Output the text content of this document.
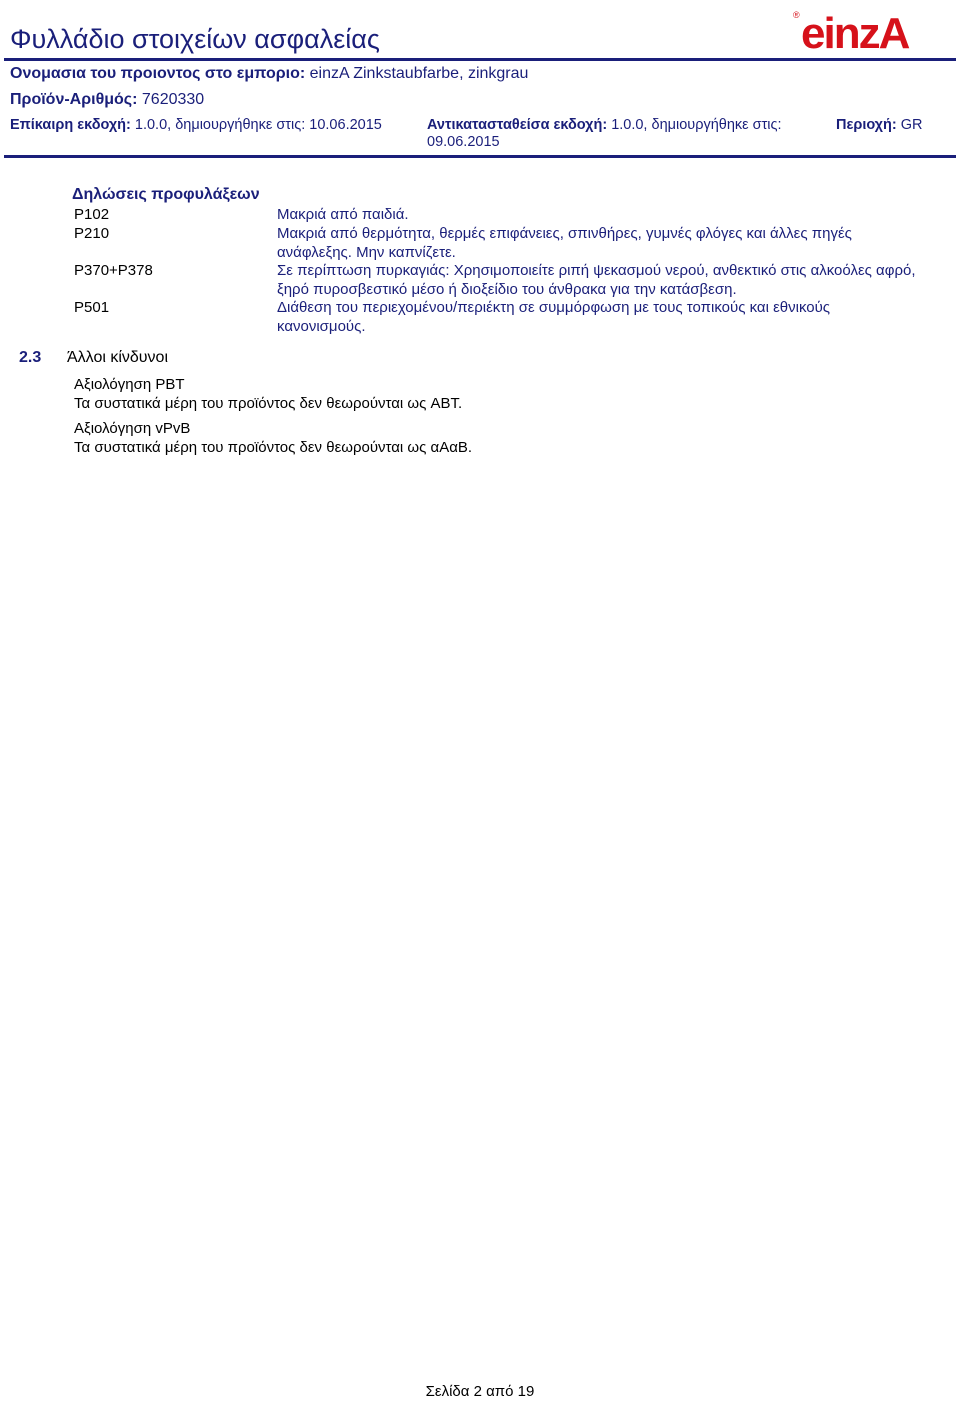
Φυλλάδιο στοιχείων ασφαλείας
® einzA
Ονομασια του προιοντος στο εμποριο: einzA Zinkstaubfarbe, zinkgrau
Προϊόν-Αριθμός: 7620330
Επίκαιρη εκδοχή: 1.0.0, δημιουργήθηκε στις: 10.06.2015	Αντικατασταθείσα εκδοχή: 1.0.0, δημιουργήθηκε στις:
09.06.2015
Περιοχή: GR
Δηλώσεις προφυλάξεων
P102	Μακριά από παιδιά.
P210	Μακριά από θερμότητα, θερμές επιφάνειες, σπινθήρες, γυμνές φλόγες και άλλες πηγές ανάφλεξης. Μην καπνίζετε.
P370+P378	Σε περίπτωση πυρκαγιάς: Χρησιμοποιείτε ριπή ψεκασμού νερού, ανθεκτικό στις αλκοόλες αφρό, ξηρό πυροσβεστικό μέσο ή διοξείδιο του άνθρακα για την κατάσβεση.
P501	Διάθεση του περιεχομένου/περιέκτη σε συμμόρφωση με τους τοπικούς και εθνικούς κανονισμούς.
2.3 Άλλοι κίνδυνοι
Αξιολόγηση PBT
Τα συστατικά μέρη του προϊόντος δεν θεωρούνται ως ABT.
Αξιολόγηση vPvB
Τα συστατικά μέρη του προϊόντος δεν θεωρούνται ως αΑαΒ.
Σελίδα 2 από 19
